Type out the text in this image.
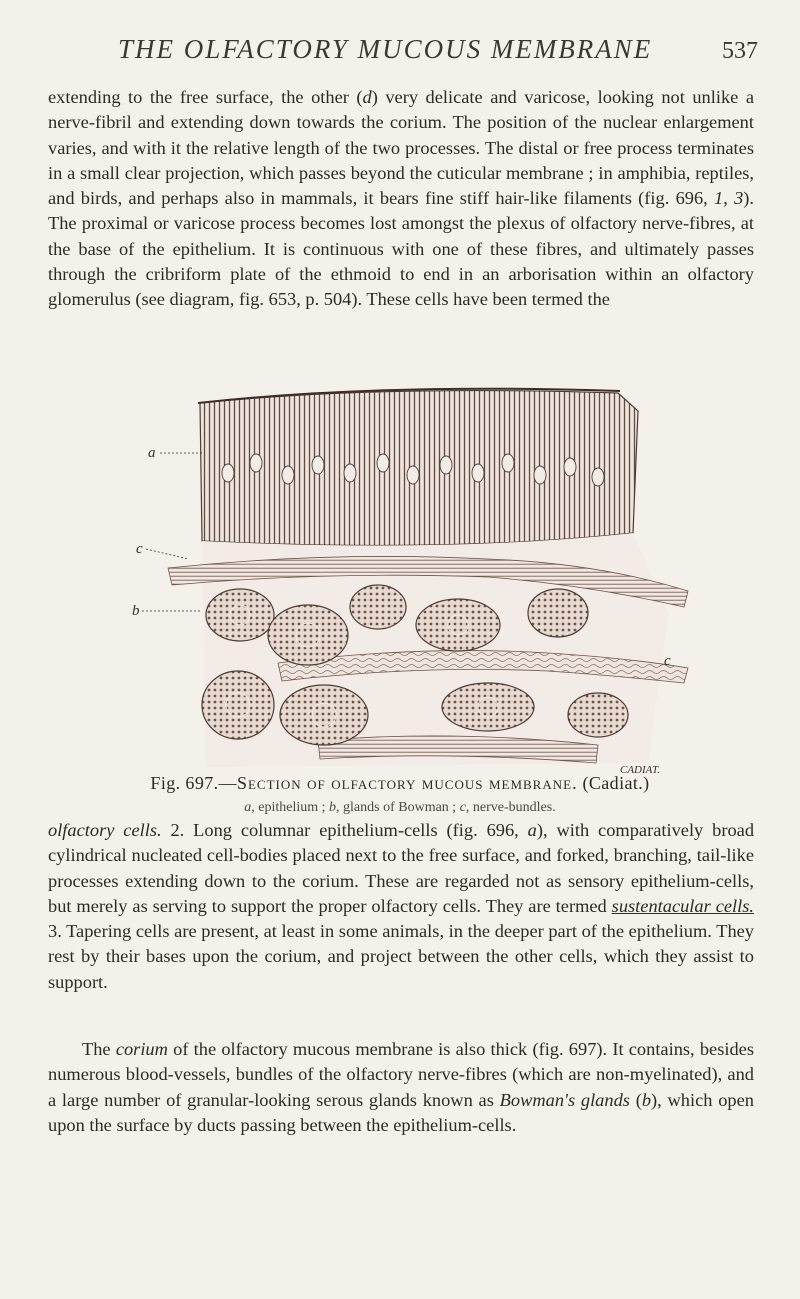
THE OLFACTORY MUCOUS MEMBRANE	537

extending to the free surface, the other (d) very delicate and varicose, looking not unlike a nerve-fibril and extending down towards the corium. The position of the nuclear enlargement varies, and with it the relative length of the two processes. The distal or free process terminates in a small clear projection, which passes beyond the cuticular membrane ; in amphibia, reptiles, and birds, and perhaps also in mammals, it bears fine stiff hair-like filaments (fig. 696, 1, 3). The proximal or varicose process becomes lost amongst the plexus of olfactory nerve-fibres, at the base of the epithelium. It is continuous with one of these fibres, and ultimately passes through the cribriform plate of the ethmoid to end in an arborisation within an olfactory glomerulus (see diagram, fig. 653, p. 504). These cells have been termed the

a
c
b
c
CADIAT.
Fig. 697.—Section of olfactory mucous membrane. (Cadiat.)
a, epithelium ; b, glands of Bowman ; c, nerve-bundles.

olfactory cells. 2. Long columnar epithelium-cells (fig. 696, a), with comparatively broad cylindrical nucleated cell-bodies placed next to the free surface, and forked, branching, tail-like processes extending down to the corium. These are regarded not as sensory epithelium-cells, but merely as serving to support the proper olfactory cells. They are termed sustentacular cells. 3. Tapering cells are present, at least in some animals, in the deeper part of the epithelium. They rest by their bases upon the corium, and project between the other cells, which they assist to support.

The corium of the olfactory mucous membrane is also thick (fig. 697). It contains, besides numerous blood-vessels, bundles of the olfactory nerve-fibres (which are non-myelinated), and a large number of granular-looking serous glands known as Bowman's glands (b), which open upon the surface by ducts passing between the epithelium-cells.
